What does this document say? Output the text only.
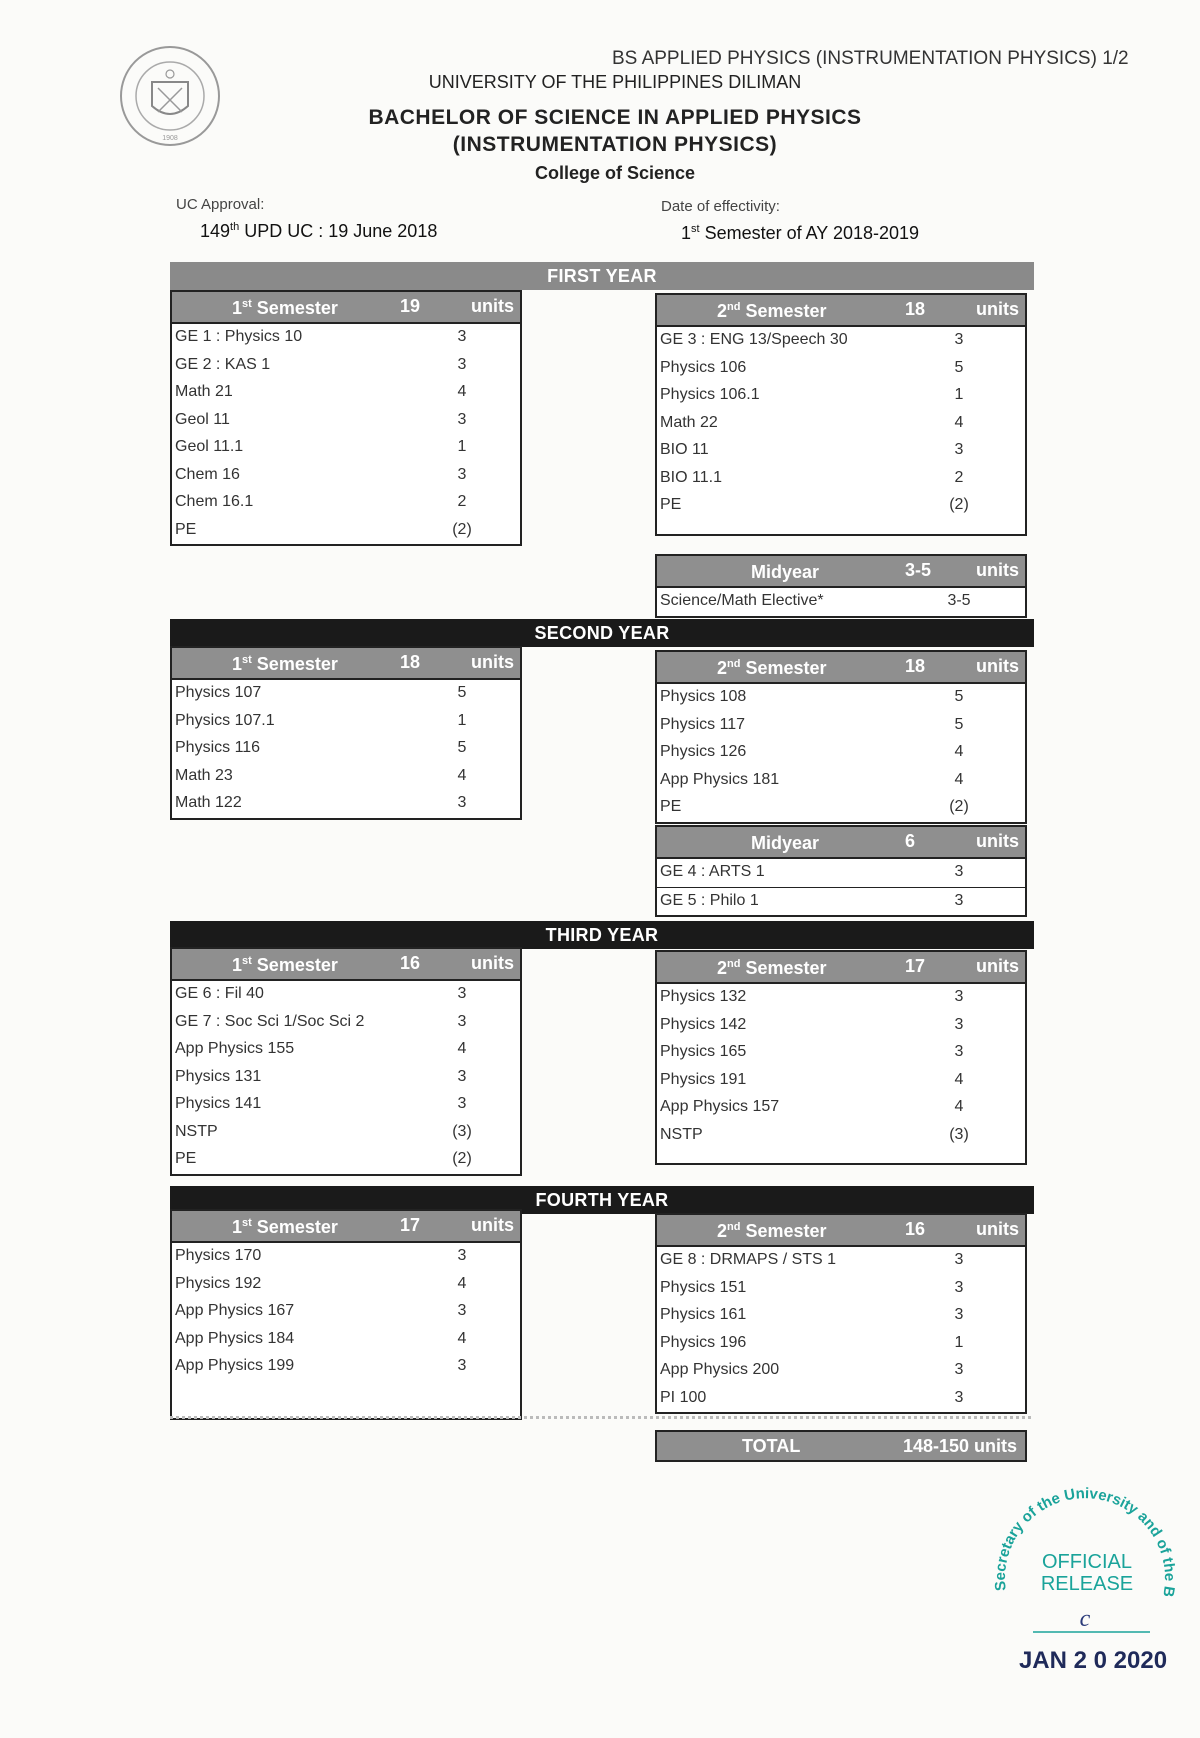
1908
BS APPLIED PHYSICS (INSTRUMENTATION PHYSICS) 1/2
UNIVERSITY OF THE PHILIPPINES DILIMAN
BACHELOR OF SCIENCE IN APPLIED PHYSICS
(INSTRUMENTATION PHYSICS)
College of Science
UC Approval:
149th UPD UC : 19 June 2018
Date of effectivity:
1st Semester of AY 2018-2019
FIRST YEAR
SECOND YEAR
THIRD YEAR
FOURTH YEAR
1st Semester	19	units
GE 1 : Physics 10	3
GE 2 : KAS 1	3
Math 21	4
Geol 11	3
Geol 11.1	1
Chem 16	3
Chem 16.1	2
PE	(2)
2nd Semester	18	units
GE 3 : ENG 13/Speech 30	3
Physics 106	5
Physics 106.1	1
Math 22	4
BIO 11	3
BIO 11.1	2
PE	(2)
Midyear	3-5 units
Science/Math Elective*	3-5
1st Semester	18	units
Physics 107	5
Physics 107.1	1
Physics 116	5
Math 23	4
Math 122	3
2nd Semester	18	units
Physics 108	5
Physics 117	5
Physics 126	4
App Physics 181	4
PE	(2)
Midyear	6	units
GE 4 : ARTS 1	3
GE 5 : Philo 1	3
1st Semester	16	units
GE 6 : Fil 40	3
GE 7 : Soc Sci 1/Soc Sci 2	3
App Physics 155	4
Physics 131	3
Physics 141	3
NSTP	(3)
PE	(2)
2nd Semester	17	units
Physics 132	3
Physics 142	3
Physics 165	3
Physics 191	4
App Physics 157	4
NSTP	(3)
1st Semester	17	units
Physics 170	3
Physics 192	4
App Physics 167	3
App Physics 184	4
App Physics 199	3
2nd Semester	16	units
GE 8 : DRMAPS / STS 1	3
Physics 151	3
Physics 161	3
Physics 196	1
App Physics 200	3
PI 100	3
TOTAL	148-150 units
Secretary of the University and of the B
OFFICIAL
RELEASE
c
JAN 2 0 2020
